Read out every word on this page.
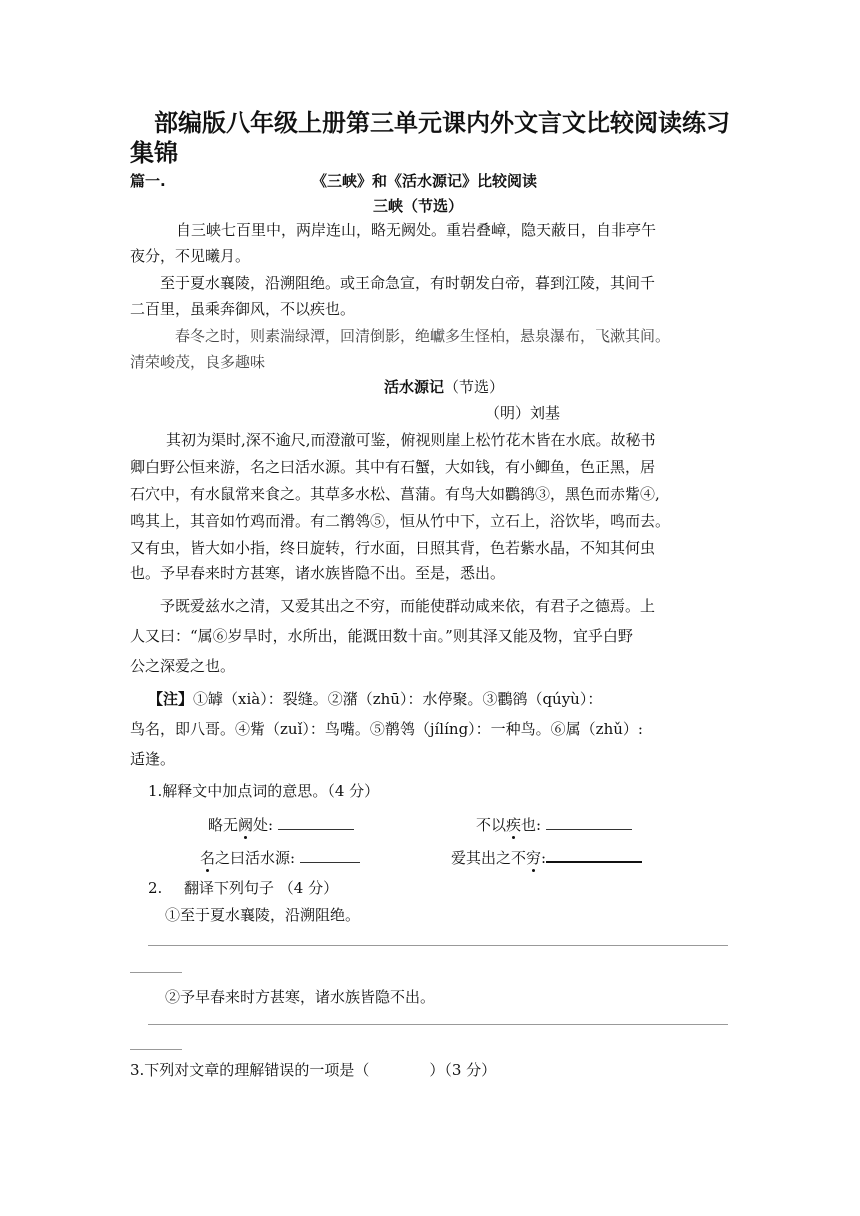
部编版八年级上册第三单元课内外文言文比较阅读练习
集锦
篇一.	《三峡》和《活水源记》比较阅读
三峡（节选）
自三峡七百里中，两岸连山，略无阙处。重岩叠嶂，隐天蔽日，自非亭午
夜分，不见曦月。
至于夏水襄陵，沿溯阻绝。或王命急宣，有时朝发白帝，暮到江陵，其间千
二百里，虽乘奔御风，不以疾也。
春冬之时，则素湍绿潭，回清倒影，绝巘多生怪柏，悬泉瀑布，飞漱其间。
清荣峻茂，良多趣味
活水源记（节选）
（明）刘基
其初为渠时,深不逾尺,而澄澈可鉴，俯视则崖上松竹花木皆在水底。故秘书
卿白野公恒来游，名之曰活水源。其中有石蟹，大如钱，有小鲫鱼，色正黑，居
石穴中，有水鼠常来食之。其草多水松、菖蒲。有鸟大如鸜鹆③，黑色而赤觜④,
鸣其上，其音如竹鸡而滑。有二鹡鸰⑤，恒从竹中下，立石上，浴饮毕，鸣而去。
又有虫，皆大如小指，终日旋转，行水面，日照其背，色若紫水晶，不知其何虫
也。予早春来时方甚寒，诸水族皆隐不出。至是，悉出。
予既爱兹水之清，又爱其出之不穷，而能使群动咸来依，有君子之德焉。上
人又曰：“属⑥岁旱时，水所出，能溉田数十亩。”则其泽又能及物，宜乎白野
公之深爱之也。
【注】①罅（xià）：裂缝。②潴（zhū）：水停聚。③鸜鹆（qúyù）：
鸟名，即八哥。④觜（zuǐ）：鸟嘴。⑤鹡鸰（jílíng）：一种鸟。⑥属（zhǔ）:
适逢。
1.解释文中加点词的意思。（4 分）
略无阙处:	不以疾也:
名之曰活水源:	爱其出之不穷:
2. 翻译下列句子 （4 分）
①至于夏水襄陵，沿溯阻绝。
②予早春来时方甚寒，诸水族皆隐不出。
3.下列对文章的理解错误的一项是（　　　　）（3 分）
